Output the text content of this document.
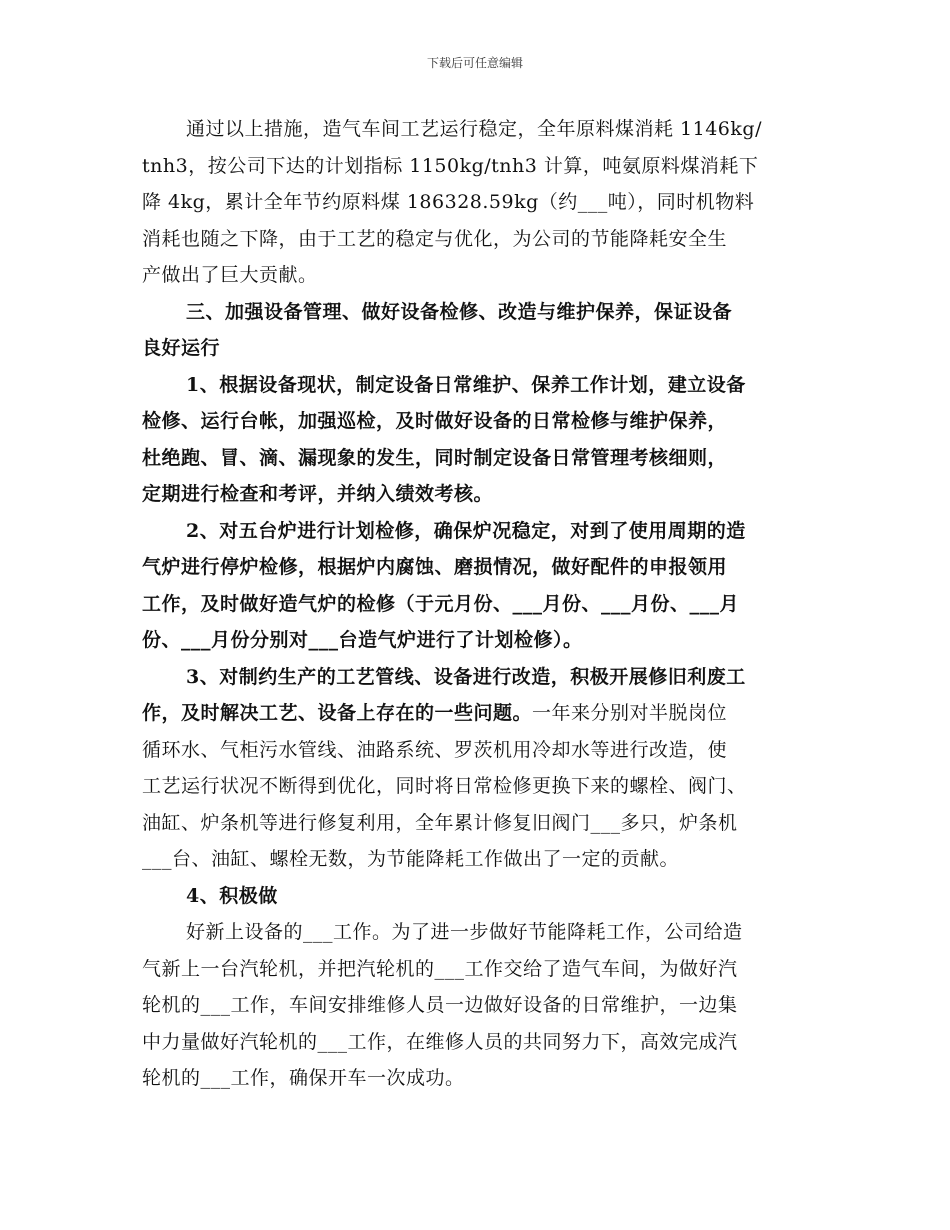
下载后可任意编辑
通过以上措施，造气车间工艺运行稳定，全年原料煤消耗 1146kg/
tnh3，按公司下达的计划指标 1150kg/tnh3 计算，吨氨原料煤消耗下
降 4kg，累计全年节约原料煤 186328.59kg（约___吨），同时机物料
消耗也随之下降，由于工艺的稳定与优化，为公司的节能降耗安全生
产做出了巨大贡献。
三、加强设备管理、做好设备检修、改造与维护保养，保证设备
良好运行
1、根据设备现状，制定设备日常维护、保养工作计划，建立设备
检修、运行台帐，加强巡检，及时做好设备的日常检修与维护保养，
杜绝跑、冒、滴、漏现象的发生，同时制定设备日常管理考核细则，
定期进行检查和考评，并纳入绩效考核。
2、对五台炉进行计划检修，确保炉况稳定，对到了使用周期的造
气炉进行停炉检修，根据炉内腐蚀、磨损情况，做好配件的申报领用
工作，及时做好造气炉的检修（于元月份、___月份、___月份、___月
份、___月份分别对___台造气炉进行了计划检修）。
3、对制约生产的工艺管线、设备进行改造，积极开展修旧利废工
作，及时解决工艺、设备上存在的一些问题。一年来分别对半脱岗位
循环水、气柜污水管线、油路系统、罗茨机用冷却水等进行改造，使
工艺运行状况不断得到优化，同时将日常检修更换下来的螺栓、阀门、
油缸、炉条机等进行修复利用，全年累计修复旧阀门___多只，炉条机
___台、油缸、螺栓无数，为节能降耗工作做出了一定的贡献。
4、积极做
好新上设备的___工作。为了进一步做好节能降耗工作，公司给造
气新上一台汽轮机，并把汽轮机的___工作交给了造气车间，为做好汽
轮机的___工作，车间安排维修人员一边做好设备的日常维护，一边集
中力量做好汽轮机的___工作，在维修人员的共同努力下，高效完成汽
轮机的___工作，确保开车一次成功。
